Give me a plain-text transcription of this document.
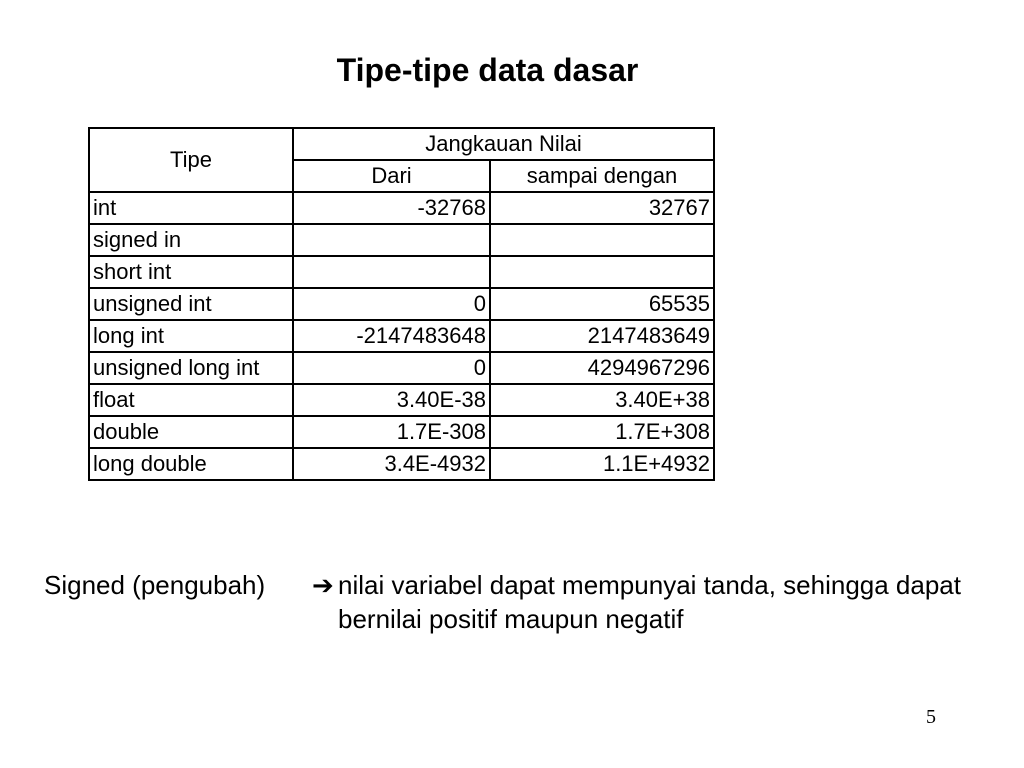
Tipe-tipe data dasar
Tipe	Jangkauan Nilai	
	Dari	sampai dengan
int	-32768	32767
signed in		
short int		
unsigned int	0	65535
long int	-2147483648	2147483649
unsigned long int	0	4294967296
float	3.40E-38	3.40E+38
double	1.7E-308	1.7E+308
long double	3.4E-4932	1.1E+4932
Signed (pengubah) ➔ nilai variabel dapat mempunyai tanda, sehingga dapat bernilai positif maupun negatif
5
